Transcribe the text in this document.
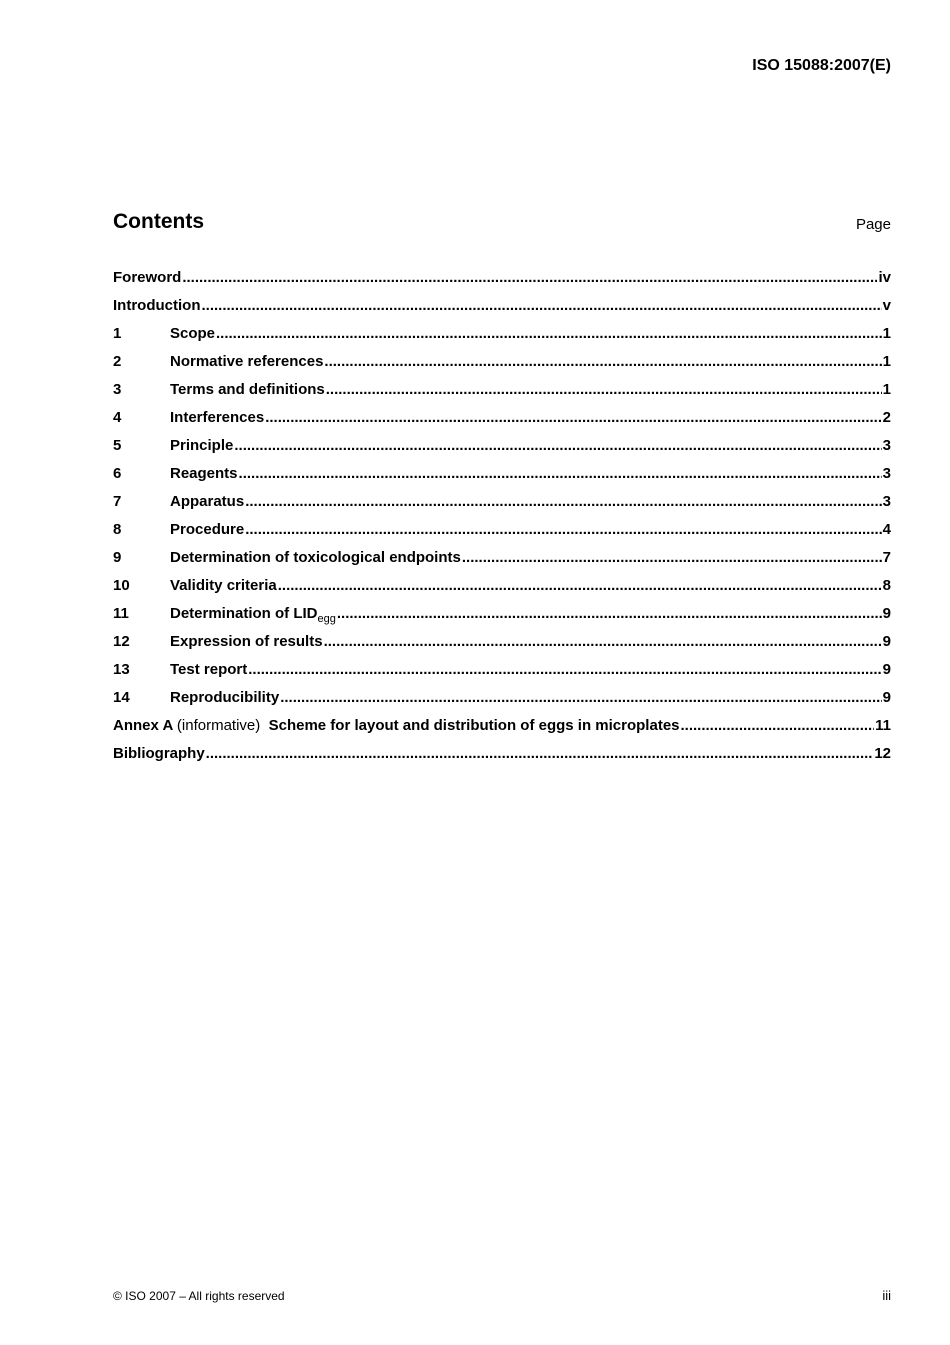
ISO 15088:2007(E)
Contents	Page
Foreword .....	iv
Introduction .....	v
1	Scope .....	1
2	Normative references .....	1
3	Terms and definitions .....	1
4	Interferences .....	2
5	Principle .....	3
6	Reagents .....	3
7	Apparatus .....	3
8	Procedure .....	4
9	Determination of toxicological endpoints .....	7
10	Validity criteria .....	8
11	Determination of $LID_{egg}$ .....	9
12	Expression of results .....	9
13	Test report .....	9
14	Reproducibility .....	9
Annex A (informative) Scheme for layout and distribution of eggs in microplates .....	11
Bibliography .....	12
© ISO 2007 – All rights reserved	iii
